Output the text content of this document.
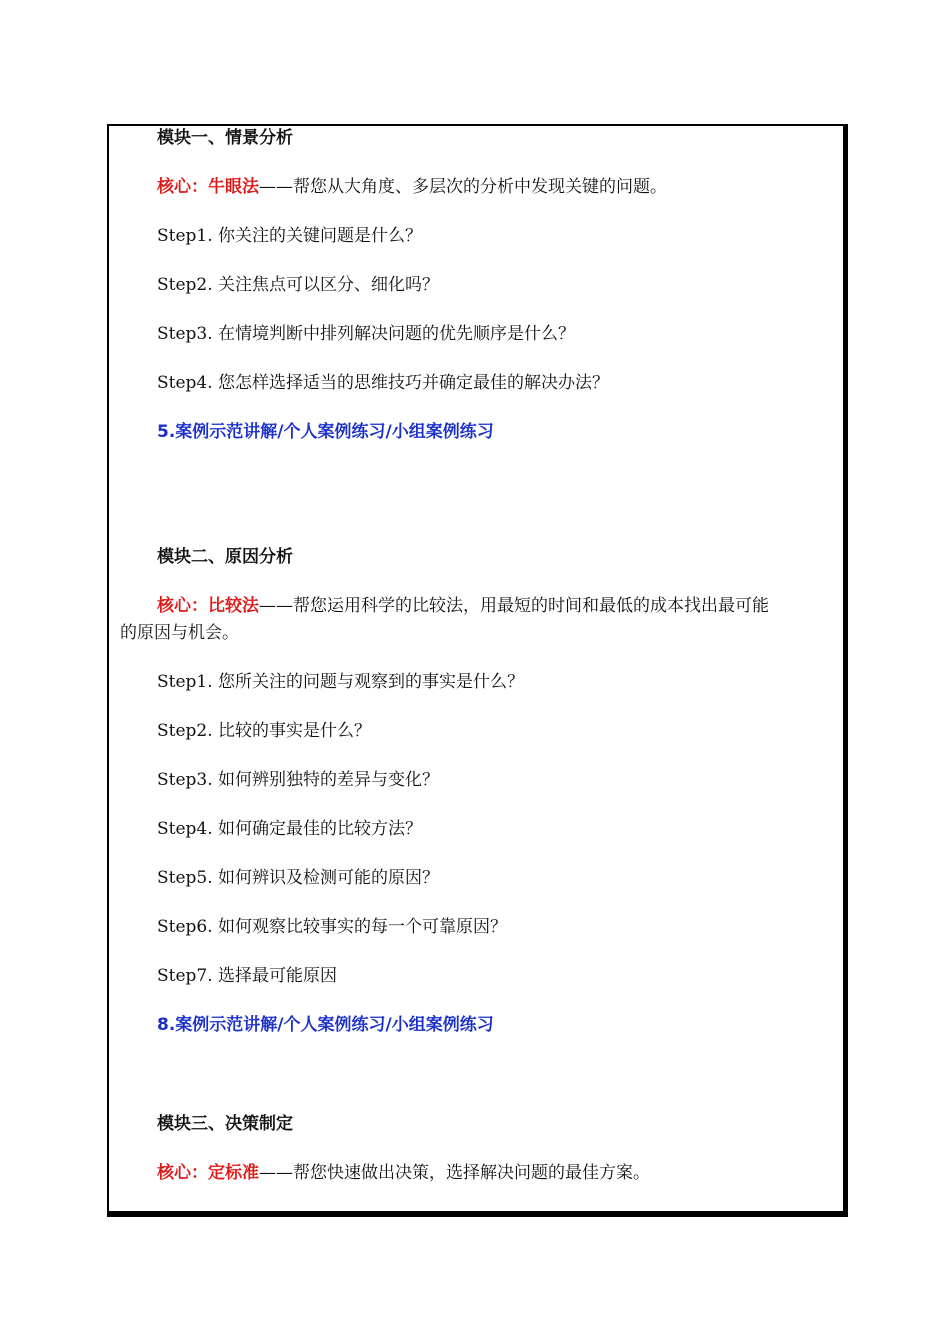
模块一、情景分析
核心：牛眼法——帮您从大角度、多层次的分析中发现关键的问题。
Step1. 你关注的关键问题是什么？
Step2. 关注焦点可以区分、细化吗？
Step3. 在情境判断中排列解决问题的优先顺序是什么？
Step4. 您怎样选择适当的思维技巧并确定最佳的解决办法？
5.案例示范讲解/个人案例练习/小组案例练习
模块二、原因分析
核心：比较法——帮您运用科学的比较法，用最短的时间和最低的成本找出最可能
的原因与机会。
Step1. 您所关注的问题与观察到的事实是什么？
Step2. 比较的事实是什么？
Step3. 如何辨别独特的差异与变化？
Step4. 如何确定最佳的比较方法？
Step5. 如何辨识及检测可能的原因？
Step6. 如何观察比较事实的每一个可靠原因？
Step7. 选择最可能原因
8.案例示范讲解/个人案例练习/小组案例练习
模块三、决策制定
核心：定标准——帮您快速做出决策，选择解决问题的最佳方案。
